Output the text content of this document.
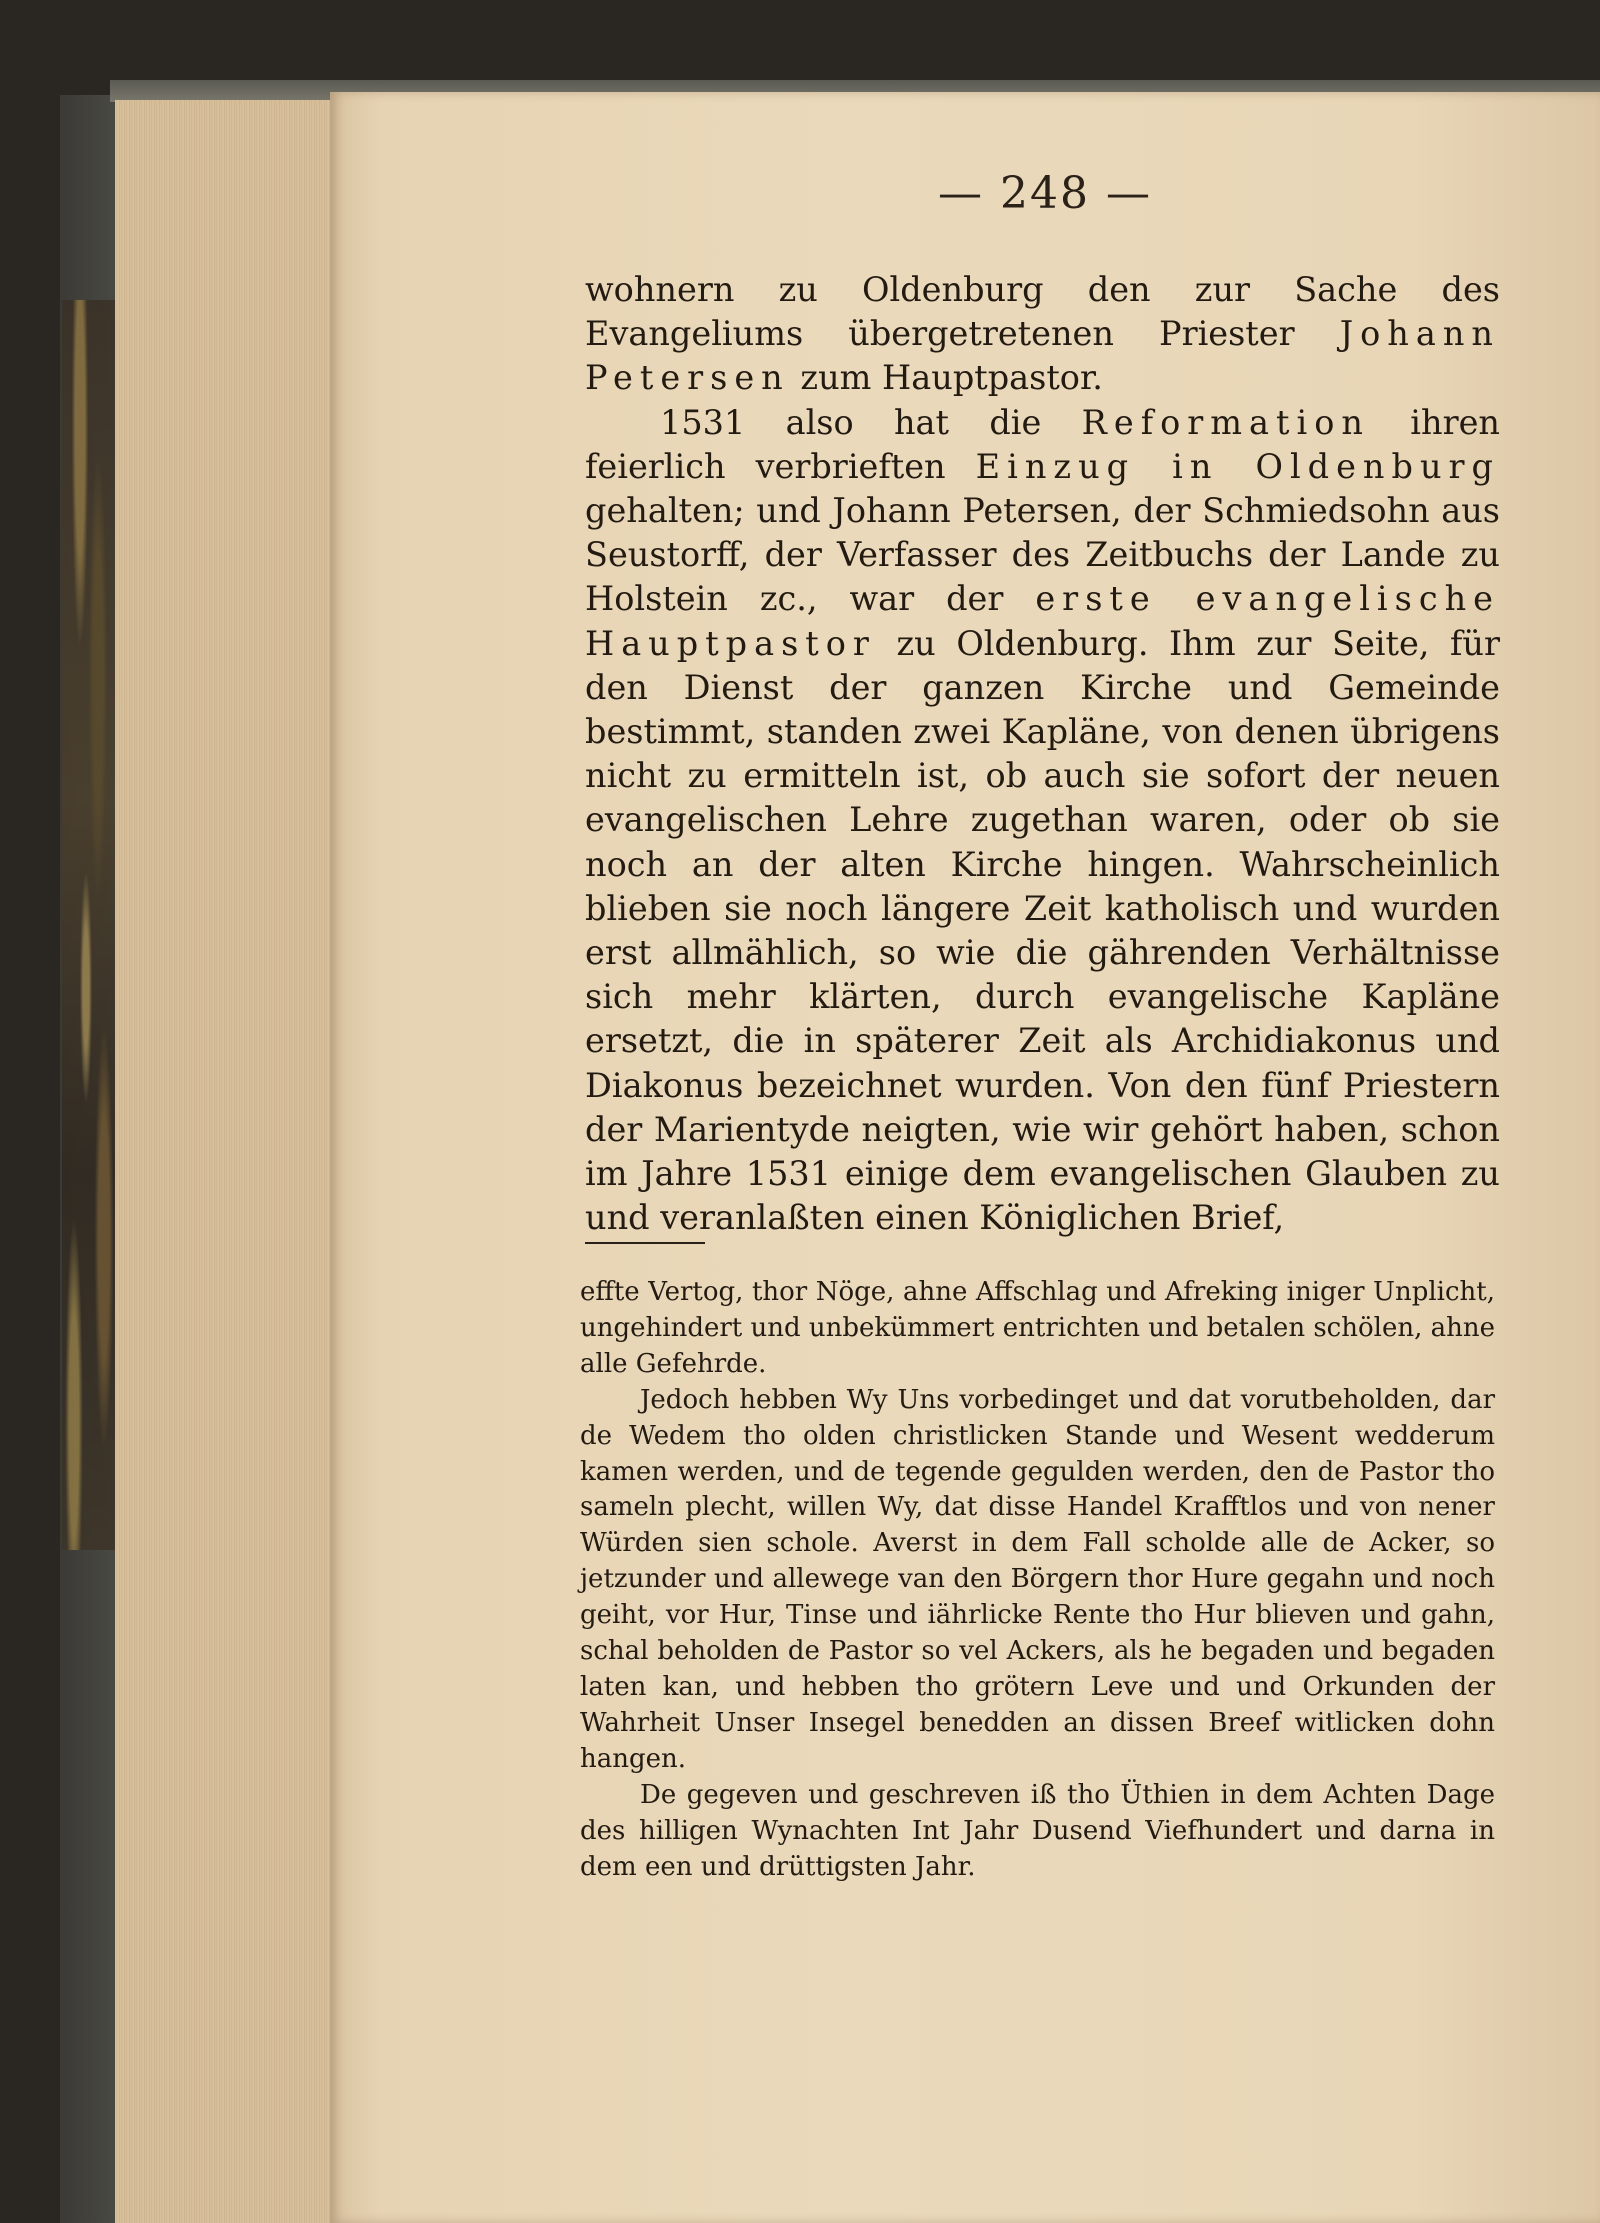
— 248 —

wohnern zu Oldenburg den zur Sache des Evangeliums übergetretenen Priester Johann Petersen zum Hauptpastor.

1531 also hat die Reformation ihren feierlich verbrieften Einzug in Oldenburg gehalten; und Johann Petersen, der Schmiedsohn aus Seustorff, der Verfasser des Zeitbuchs der Lande zu Holstein zc., war der erste evangelische Hauptpastor zu Oldenburg. Ihm zur Seite, für den Dienst der ganzen Kirche und Gemeinde bestimmt, standen zwei Kapläne, von denen übrigens nicht zu ermitteln ist, ob auch sie sofort der neuen evangelischen Lehre zugethan waren, oder ob sie noch an der alten Kirche hingen. Wahrscheinlich blieben sie noch längere Zeit katholisch und wurden erst allmählich, so wie die gährenden Verhältnisse sich mehr klärten, durch evangelische Kapläne ersetzt, die in späterer Zeit als Archidiakonus und Diakonus bezeichnet wurden. Von den fünf Priestern der Marientyde neigten, wie wir gehört haben, schon im Jahre 1531 einige dem evangelischen Glauben zu und veranlaßten einen Königlichen Brief,

effte Vertog, thor Nöge, ahne Affschlag und Afreking iniger Unplicht, ungehindert und unbekümmert entrichten und betalen schölen, ahne alle Gefehrde.

Jedoch hebben Wy Uns vorbedinget und dat vorutbeholden, dar de Wedem tho olden christlicken Stande und Wesent wedderum kamen werden, und de tegende gegulden werden, den de Pastor tho sameln plecht, willen Wy, dat disse Handel Krafftlos und von nener Würden sien schole. Averst in dem Fall scholde alle de Acker, so jetzunder und allewege van den Börgern thor Hure gegahn und noch geiht, vor Hur, Tinse und iährlicke Rente tho Hur blieven und gahn, schal beholden de Pastor so vel Ackers, als he begaden und begaden laten kan, und hebben tho grötern Leve und und Orkunden der Wahrheit Unser Insegel benedden an dissen Breef witlicken dohn hangen.

De gegeven und geschreven iß tho Üthien in dem Achten Dage des hilligen Wynachten Int Jahr Dusend Viefhundert und darna in dem een und drüttigsten Jahr.
